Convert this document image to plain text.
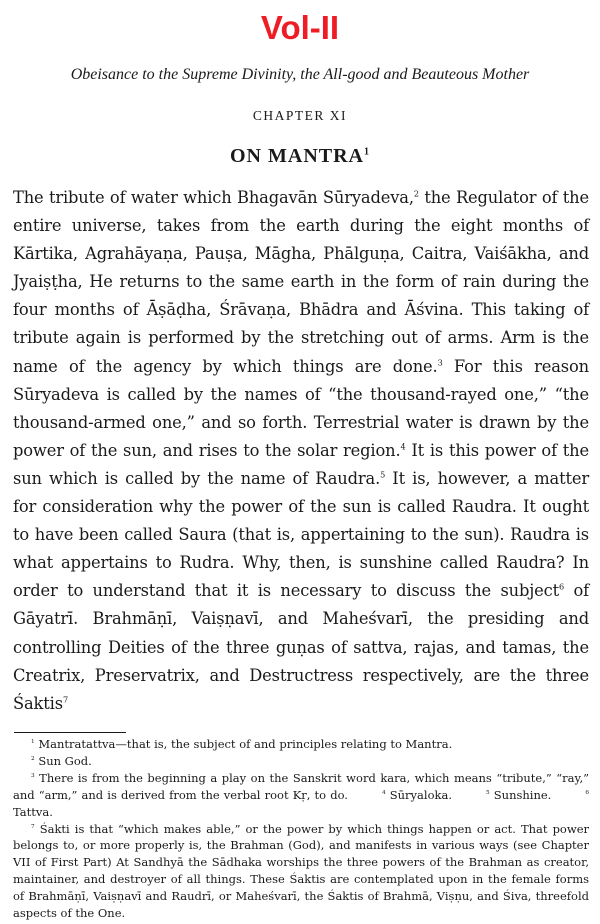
Vol-II

Obeisance to the Supreme Divinity, the All-good and Beauteous Mother

CHAPTER XI

ON MANTRA$^1$

The tribute of water which Bhagavān Sūryadeva,$^2$ the Regulator of the entire universe, takes from the earth during the eight months of Kārtika, Agrahāyaṇa, Pauṣa, Māgha, Phālguṇa, Caitra, Vaiśākha, and Jyaiṣṭha, He returns to the same earth in the form of rain during the four months of Āṣāḍha, Śrāvaṇa, Bhādra and Āśvina. This taking of tribute again is performed by the stretching out of arms. Arm is the name of the agency by which things are done.$^3$ For this reason Sūryadeva is called by the names of “the thousand-rayed one,” “the thousand-armed one,” and so forth. Terrestrial water is drawn by the power of the sun, and rises to the solar region.$^4$ It is this power of the sun which is called by the name of Raudra.$^5$ It is, however, a matter for consideration why the power of the sun is called Raudra. It ought to have been called Saura (that is, appertaining to the sun). Raudra is what appertains to Rudra. Why, then, is sunshine called Raudra? In order to understand that it is necessary to discuss the subject$^6$ of Gāyatrī. Brahmāṇī, Vaiṣṇavī, and Maheśvarī, the presiding and controlling Deities of the three guṇas of sattva, rajas, and tamas, the Creatrix, Preservatrix, and Destructress respectively, are the three Śaktis$^7$

$^1$ Mantratattva—that is, the subject of and principles relating to Mantra.

$^2$ Sun God.

$^3$ There is from the beginning a play on the Sanskrit word kara, which means “tribute,” “ray,” and “arm,” and is derived from the verbal root Kṛ, to do.	$^4$ Sūryaloka.	$^5$ Sunshine.	$^6$ Tattva.

$^7$ Śakti is that “which makes able,” or the power by which things happen or act. That power belongs to, or more properly is, the Brahman (God), and manifests in various ways (see Chapter VII of First Part) At Sandhyā the Sādhaka worships the three powers of the Brahman as creator, maintainer, and destroyer of all things. These Śaktis are contemplated upon in the female forms of Brahmāṇī, Vaiṣṇavī and Raudrī, or Maheśvarī, the Śaktis of Brahmā, Viṣṇu, and Śiva, threefold aspects of the One.
